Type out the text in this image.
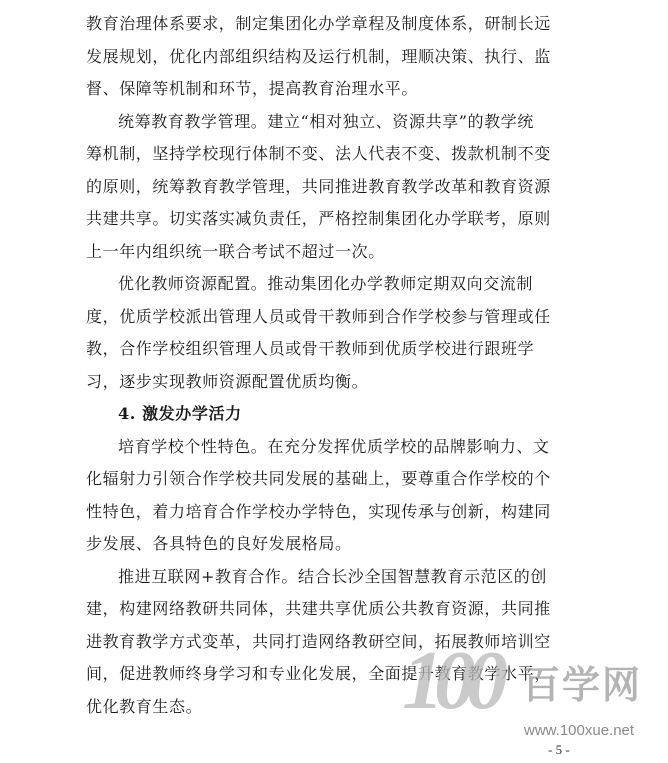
教育治理体系要求，制定集团化办学章程及制度体系，研制长远
发展规划，优化内部组织结构及运行机制，理顺决策、执行、监
督、保障等机制和环节，提高教育治理水平。
统筹教育教学管理。建立“相对独立、资源共享”的教学统
筹机制，坚持学校现行体制不变、法人代表不变、拨款机制不变
的原则，统筹教育教学管理，共同推进教育教学改革和教育资源
共建共享。切实落实减负责任，严格控制集团化办学联考，原则
上一年内组织统一联合考试不超过一次。
优化教师资源配置。推动集团化办学教师定期双向交流制
度，优质学校派出管理人员或骨干教师到合作学校参与管理或任
教，合作学校组织管理人员或骨干教师到优质学校进行跟班学
习，逐步实现教师资源配置优质均衡。
4. 激发办学活力
培育学校个性特色。在充分发挥优质学校的品牌影响力、文
化辐射力引领合作学校共同发展的基础上，要尊重合作学校的个
性特色，着力培育合作学校办学特色，实现传承与创新，构建同
步发展、各具特色的良好发展格局。
推进互联网+教育合作。结合长沙全国智慧教育示范区的创
建，构建网络教研共同体，共建共享优质公共教育资源，共同推
进教育教学方式变革，共同打造网络教研空间，拓展教师培训空
间，促进教师终身学习和专业化发展，全面提升教育教学水平，
优化教育生态。
- 5 -
100 百学网
www.100xue.net
